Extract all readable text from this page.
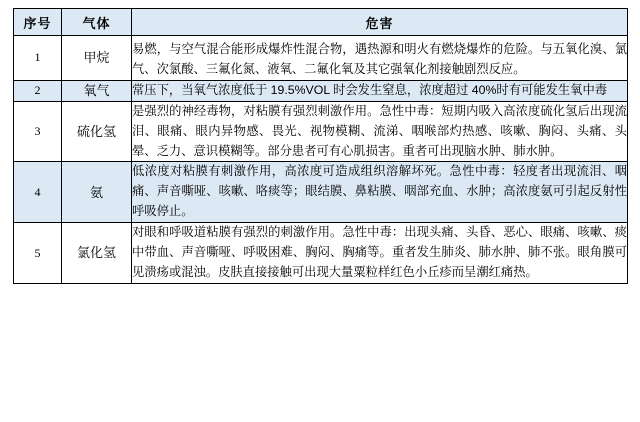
序号	气体	危害
1	甲烷	易燃，与空气混合能形成爆炸性混合物，遇热源和明火有燃烧爆炸的危险。与五氧化溴、氯气、次氯酸、三氟化氮、液氧、二氟化氧及其它强氧化剂接触剧烈反应。
2	氧气	常压下，当氧气浓度低于 19.5%VOL 时会发生窒息，浓度超过 40%时有可能发生氧中毒
3	硫化氢	是强烈的神经毒物，对粘膜有强烈刺激作用。急性中毒：短期内吸入高浓度硫化氢后出现流泪、眼痛、眼内异物感、畏光、视物模糊、流涕、咽喉部灼热感、咳嗽、胸闷、头痛、头晕、乏力、意识模糊等。部分患者可有心肌损害。重者可出现脑水肿、肺水肿。
4	氨	低浓度对粘膜有刺激作用，高浓度可造成组织溶解坏死。急性中毒：轻度者出现流泪、咽痛、声音嘶哑、咳嗽、咯痰等；眼结膜、鼻粘膜、咽部充血、水肿；高浓度氨可引起反射性呼吸停止。
5	氯化氢	对眼和呼吸道粘膜有强烈的刺激作用。急性中毒：出现头痛、头昏、恶心、眼痛、咳嗽、痰中带血、声音嘶哑、呼吸困难、胸闷、胸痛等。重者发生肺炎、肺水肿、肺不张。眼角膜可见溃疡或混浊。皮肤直接接触可出现大量粟粒样红色小丘疹而呈潮红痛热。
